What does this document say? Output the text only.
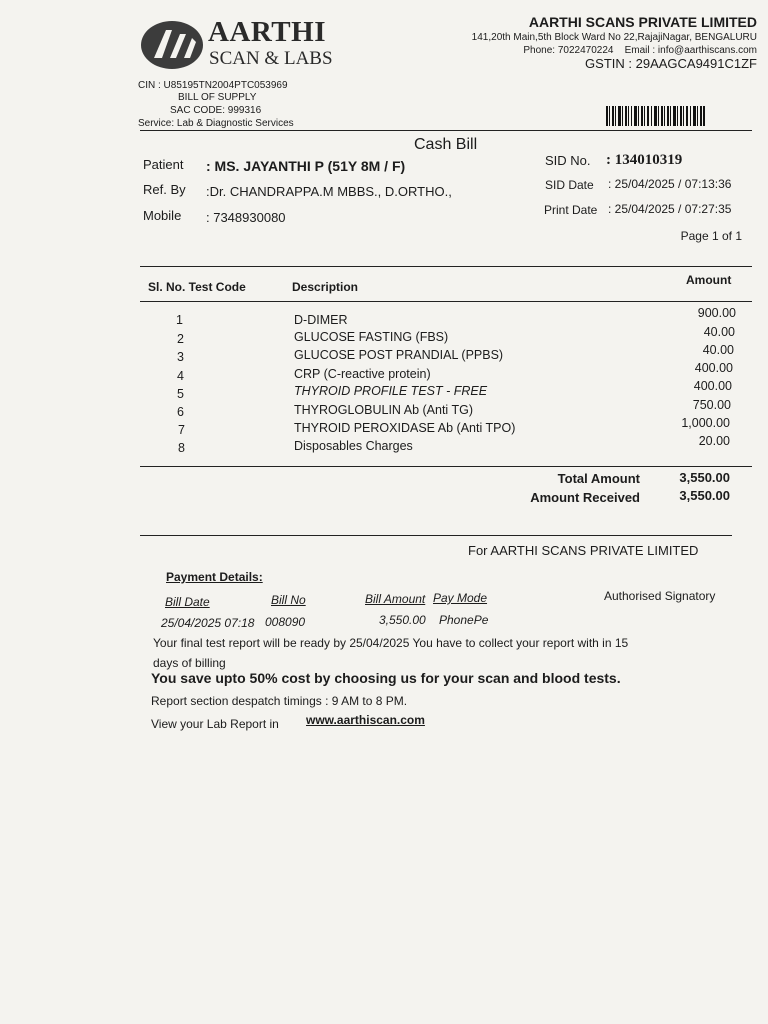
AARTHI
SCAN & LABS
AARTHI SCANS PRIVATE LIMITED
141,20th Main,5th Block Ward No 22,RajajiNagar, BENGALURU
Phone: 7022470224 Email : info@aarthiscans.com
GSTIN : 29AAGCA9491C1ZF
CIN : U85195TN2004PTC053969
BILL OF SUPPLY
SAC CODE: 999316
Service: Lab & Diagnostic Services
Cash Bill
Patient : MS. JAYANTHI P (51Y 8M / F)
Ref. By :Dr. CHANDRAPPA.M MBBS., D.ORTHO.,
Mobile : 7348930080
SID No. : 134010319
SID Date : 25/04/2025 / 07:13:36
Print Date : 25/04/2025 / 07:27:35
Page 1 of 1
Sl. No. Test Code	Description	Amount
1	D-DIMER	900.00
2	GLUCOSE FASTING (FBS)	40.00
3	GLUCOSE POST PRANDIAL (PPBS)	40.00
4	CRP (C-reactive protein)	400.00
5	THYROID PROFILE TEST - FREE	400.00
6	THYROGLOBULIN Ab (Anti TG)	750.00
7	THYROID PEROXIDASE Ab (Anti TPO)	1,000.00
8	Disposables Charges	20.00
Total Amount	3,550.00
Amount Received	3,550.00
For AARTHI SCANS PRIVATE LIMITED
Payment Details:
Bill Date	Bill No	Bill Amount Pay Mode	Authorised Signatory
25/04/2025 07:18 008090	3,550.00 PhonePe
Your final test report will be ready by 25/04/2025 You have to collect your report with in 15
days of billing
You save upto 50% cost by choosing us for your scan and blood tests.
Report section despatch timings : 9 AM to 8 PM.
View your Lab Report in www.aarthiscan.com
